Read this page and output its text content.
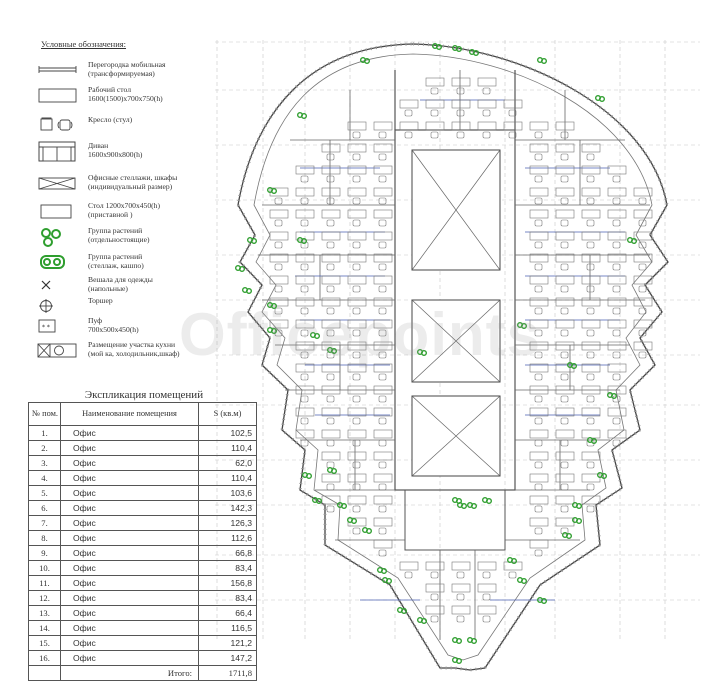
Officepoints
Условные обозначения:
Перегородка мобильная
(трансформируемая)
Рабочий стол
1600(1500)x700x750(h)
Кресло (стул)
Диван
1600x900x800(h)
Офисные стеллажи, шкафы
(индивидуальный размер)
Стол 1200x700x450(h)
(приставной )
Группа растений
(отдельностоящие)
Группа растений
(стеллаж, кашпо)
Вешала для одежды
(напольные)
Торшер
* *
Пуф
700x500x450(h)
Размещение участка кухни
(мой ка, холодильник,шкаф)
Экспликация помещений
№ пом.	Наименование помещения	S (кв.м)
1.	Офис	102,5
2.	Офис	110,4
3.	Офис	62,0
4.	Офис	110,4
5.	Офис	103,6
6.	Офис	142,3
7.	Офис	126,3
8.	Офис	112,6
9.	Офис	66,8
10.	Офис	83,4
11.	Офис	156,8
12.	Офис	83,4
13.	Офис	66,4
14.	Офис	116,5
15.	Офис	121,2
16.	Офис	147,2
	Итого:	1711,8
